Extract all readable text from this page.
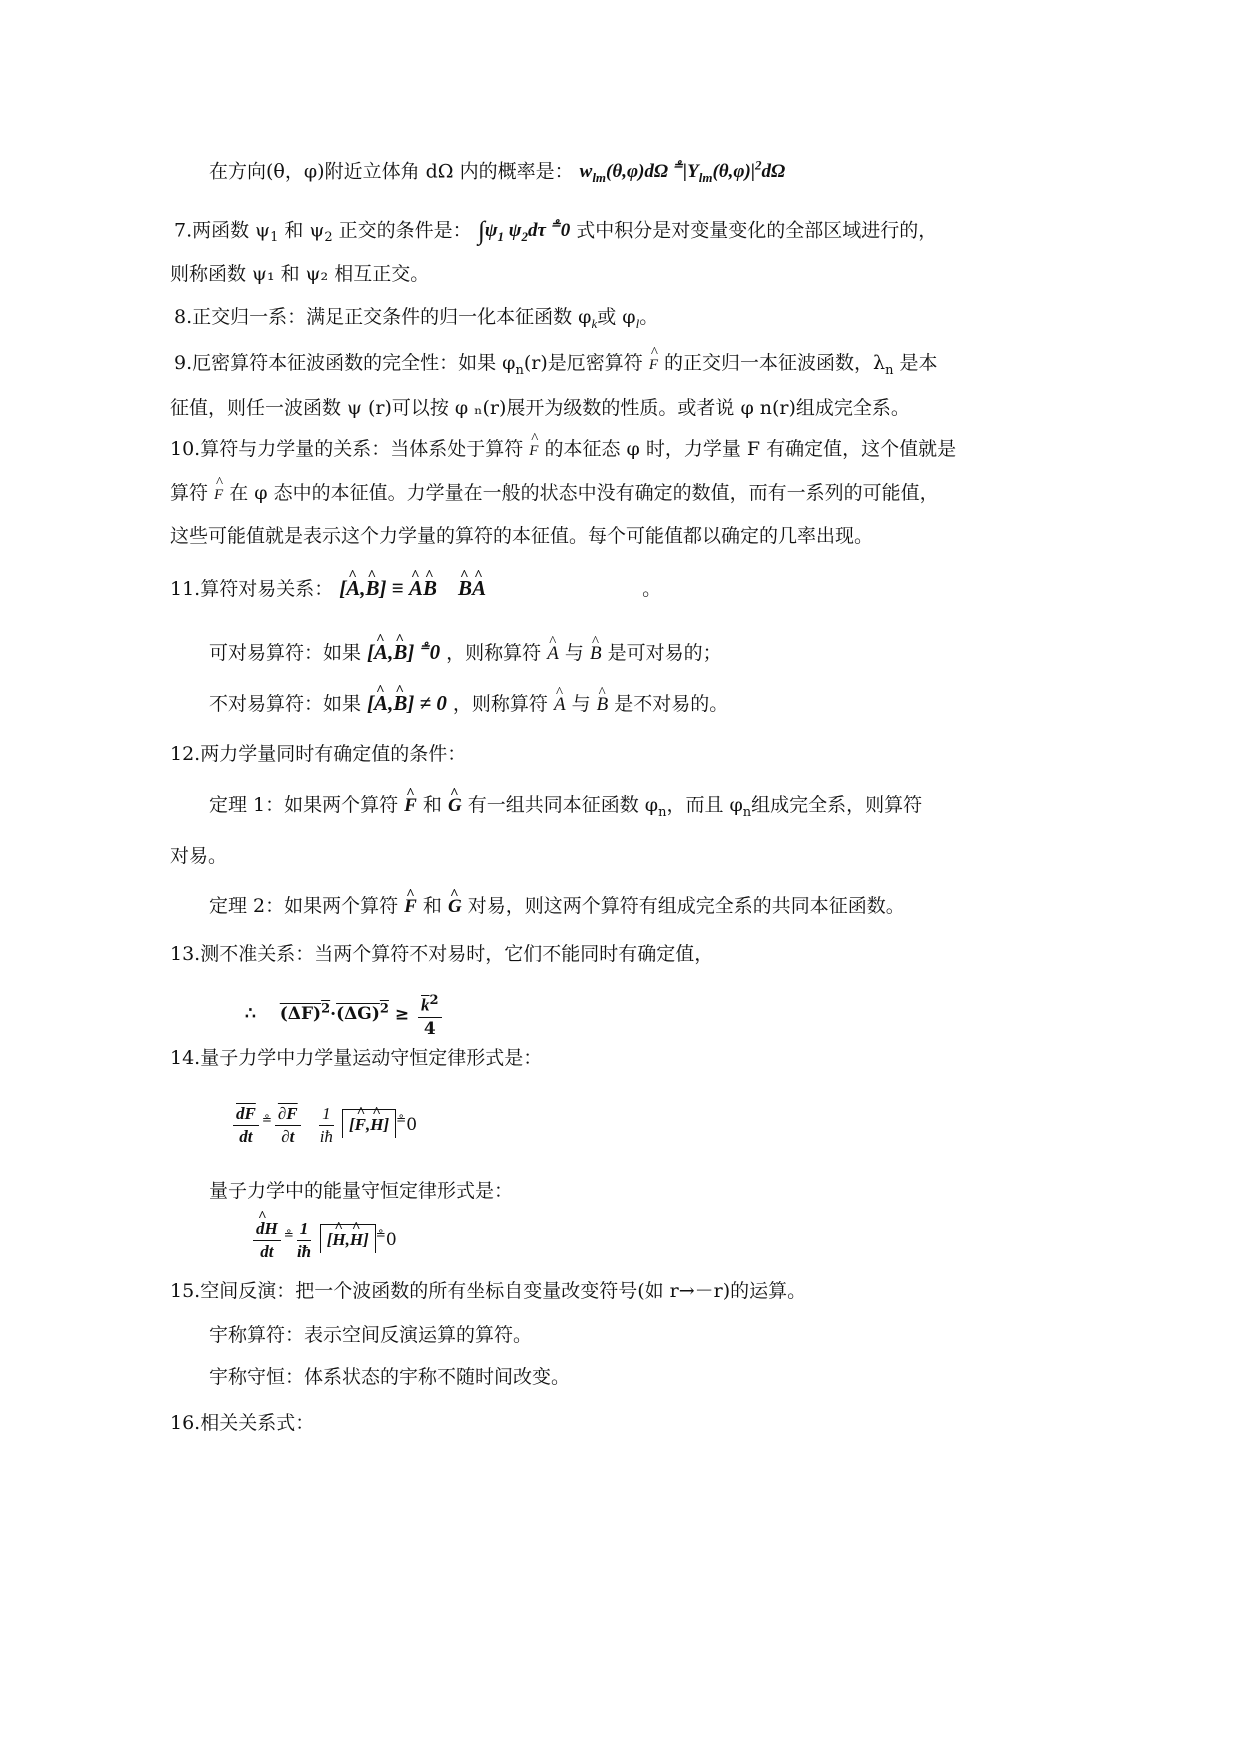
在方向(θ，φ)附近立体角 dΩ 内的概率是： $w_{lm}(\theta,\varphi)d\Omega$ $^≗|Y_{lm}(\theta,\varphi)|^2d\Omega$
7.两函数 $\psi_1$ 和 $\psi_2$ 正交的条件是： $\int\psi_1$ $\psi_2d\tau$ ≗0 式中积分是对变量变化的全部区域进行的，
则称函数 ψ₁ 和 ψ₂ 相互正交。
8.正交归一系：满足正交条件的归一化本征函数 $\varphi_k$或 $\varphi_l$。
9.厄密算符本征波函数的完全性：如果 $\varphi_n(r)$是厄密算符 ^ F 的正交归一本征波函数，$\lambda_n$ 是本
征值，则任一波函数 ψ (r)可以按 φ ₙ(r)展开为级数的性质。或者说 φ n(r)组成完全系。
10.算符与力学量的关系：当体系处于算符 ^ F 的本征态 φ 时，力学量 F 有确定值，这个值就是
算符 ^ F 在 φ 态中的本征值。力学量在一般的状态中没有确定的数值，而有一系列的可能值，
这些可能值就是表示这个力学量的算符的本征值。每个可能值都以确定的几率出现。
11.算符对易关系： [^ A,^ B] ≡ ^ A^ B ^ B^ A	。
可对易算符：如果 [^ A,^ B] ≗0 ，则称算符 ^ A 与 ^ B 是可对易的；
不对易算符：如果 [^ A,^ B] ≠ 0 ，则称算符 ^ A 与 ^ B 是不对易的。
12.两力学量同时有确定值的条件：
定理 1：如果两个算符 ^ F 和 ^ G 有一组共同本征函数 $\varphi_n$，而且 $\varphi_n$组成完全系，则算符
对易。
定理 2：如果两个算符 ^ F 和 ^ G 对易，则这两个算符有组成完全系的共同本征函数。
13.测不准关系：当两个算符不对易时，它们不能同时有确定值，
∴ $(\Delta F)^2\cdot(\Delta G)^2 \ge \frac{\overline{k}^2}{4}$
14.量子力学中力学量运动守恒定律形式是：
$\frac{\overline{dF}}{dt} ^≗ \frac{\partial F}{\partial t}$
$\frac{1}{iħ}$ [^ F,^ H] ≗0
量子力学中的能量守恒定律形式是：
^ $\frac{dH}{dt} ^≗ \frac{1}{iħ}$ [^ H,^ H] ≗0
15.空间反演：把一个波函数的所有坐标自变量改变符号(如 r→－r)的运算。
宇称算符：表示空间反演运算的算符。
宇称守恒：体系状态的宇称不随时间改变。
16.相关关系式：
